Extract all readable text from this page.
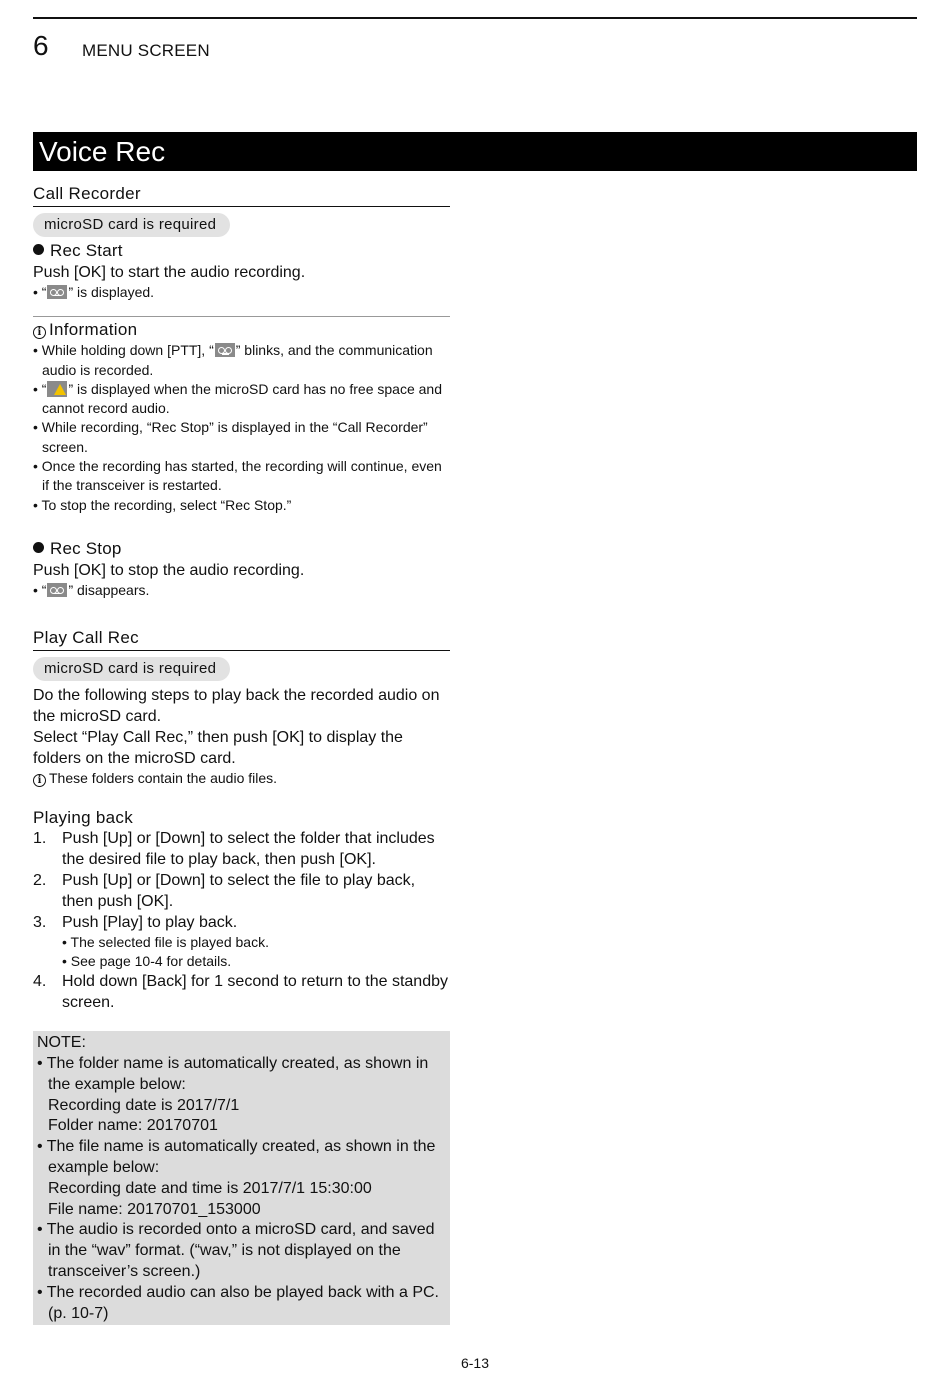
6 MENU SCREEN
Voice Rec
Call Recorder
microSD card is required
Rec Start
Push [OK] to start the audio recording.
• “ ” is displayed.
i Information
• While holding down [PTT], “ ” blinks, and the communication audio is recorded.
• “ ” is displayed when the microSD card has no free space and cannot record audio.
• While recording, “Rec Stop” is displayed in the “Call Recorder” screen.
• Once the recording has started, the recording will continue, even if the transceiver is restarted.
• To stop the recording, select “Rec Stop.”
Rec Stop
Push [OK] to stop the audio recording.
• “ ” disappears.
Play Call Rec
microSD card is required
Do the following steps to play back the recorded audio on the microSD card.
Select “Play Call Rec,” then push [OK] to display the folders on the microSD card.
i These folders contain the audio files.
Playing back
1. Push [Up] or [Down] to select the folder that includes the desired file to play back, then push [OK].
2. Push [Up] or [Down] to select the file to play back, then push [OK].
3. Push [Play] to play back.
• The selected file is played back.
• See page 10-4 for details.
4. Hold down [Back] for 1 second to return to the standby screen.
NOTE:
• The folder name is automatically created, as shown in the example below:
Recording date is 2017/7/1
Folder name: 20170701
• The file name is automatically created, as shown in the example below:
Recording date and time is 2017/7/1 15:30:00
File name: 20170701_153000
• The audio is recorded onto a microSD card, and saved in the “wav” format. (“wav,” is not displayed on the transceiver’s screen.)
• The recorded audio can also be played back with a PC. (p. 10-7)
6-13
